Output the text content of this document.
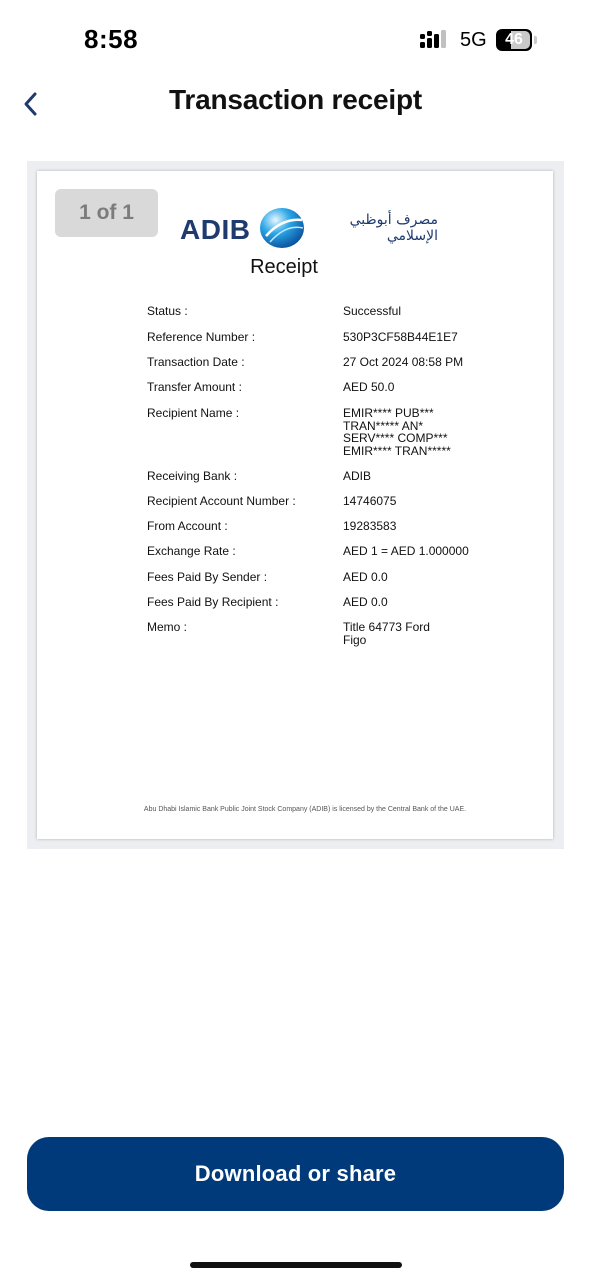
8:58	5G	46
Transaction receipt
1 of 1
ADIB	مصرف أبوظبي
الإسلامي
Receipt
Status :	Successful
Reference Number :	530P3CF58B44E1E7
Transaction Date :	27 Oct 2024 08:58 PM
Transfer Amount :	AED 50.0
Recipient Name :	EMIR**** PUB***
TRAN***** AN*
SERV**** COMP***
EMIR**** TRAN*****
Receiving Bank :	ADIB
Recipient Account Number :	14746075
From Account :	19283583
Exchange Rate :	AED 1 = AED 1.000000
Fees Paid By Sender :	AED 0.0
Fees Paid By Recipient :	AED 0.0
Memo :	Title 64773 Ford
Figo
Abu Dhabi Islamic Bank Public Joint Stock Company (ADIB) is licensed by the Central Bank of the UAE.
Download or share
